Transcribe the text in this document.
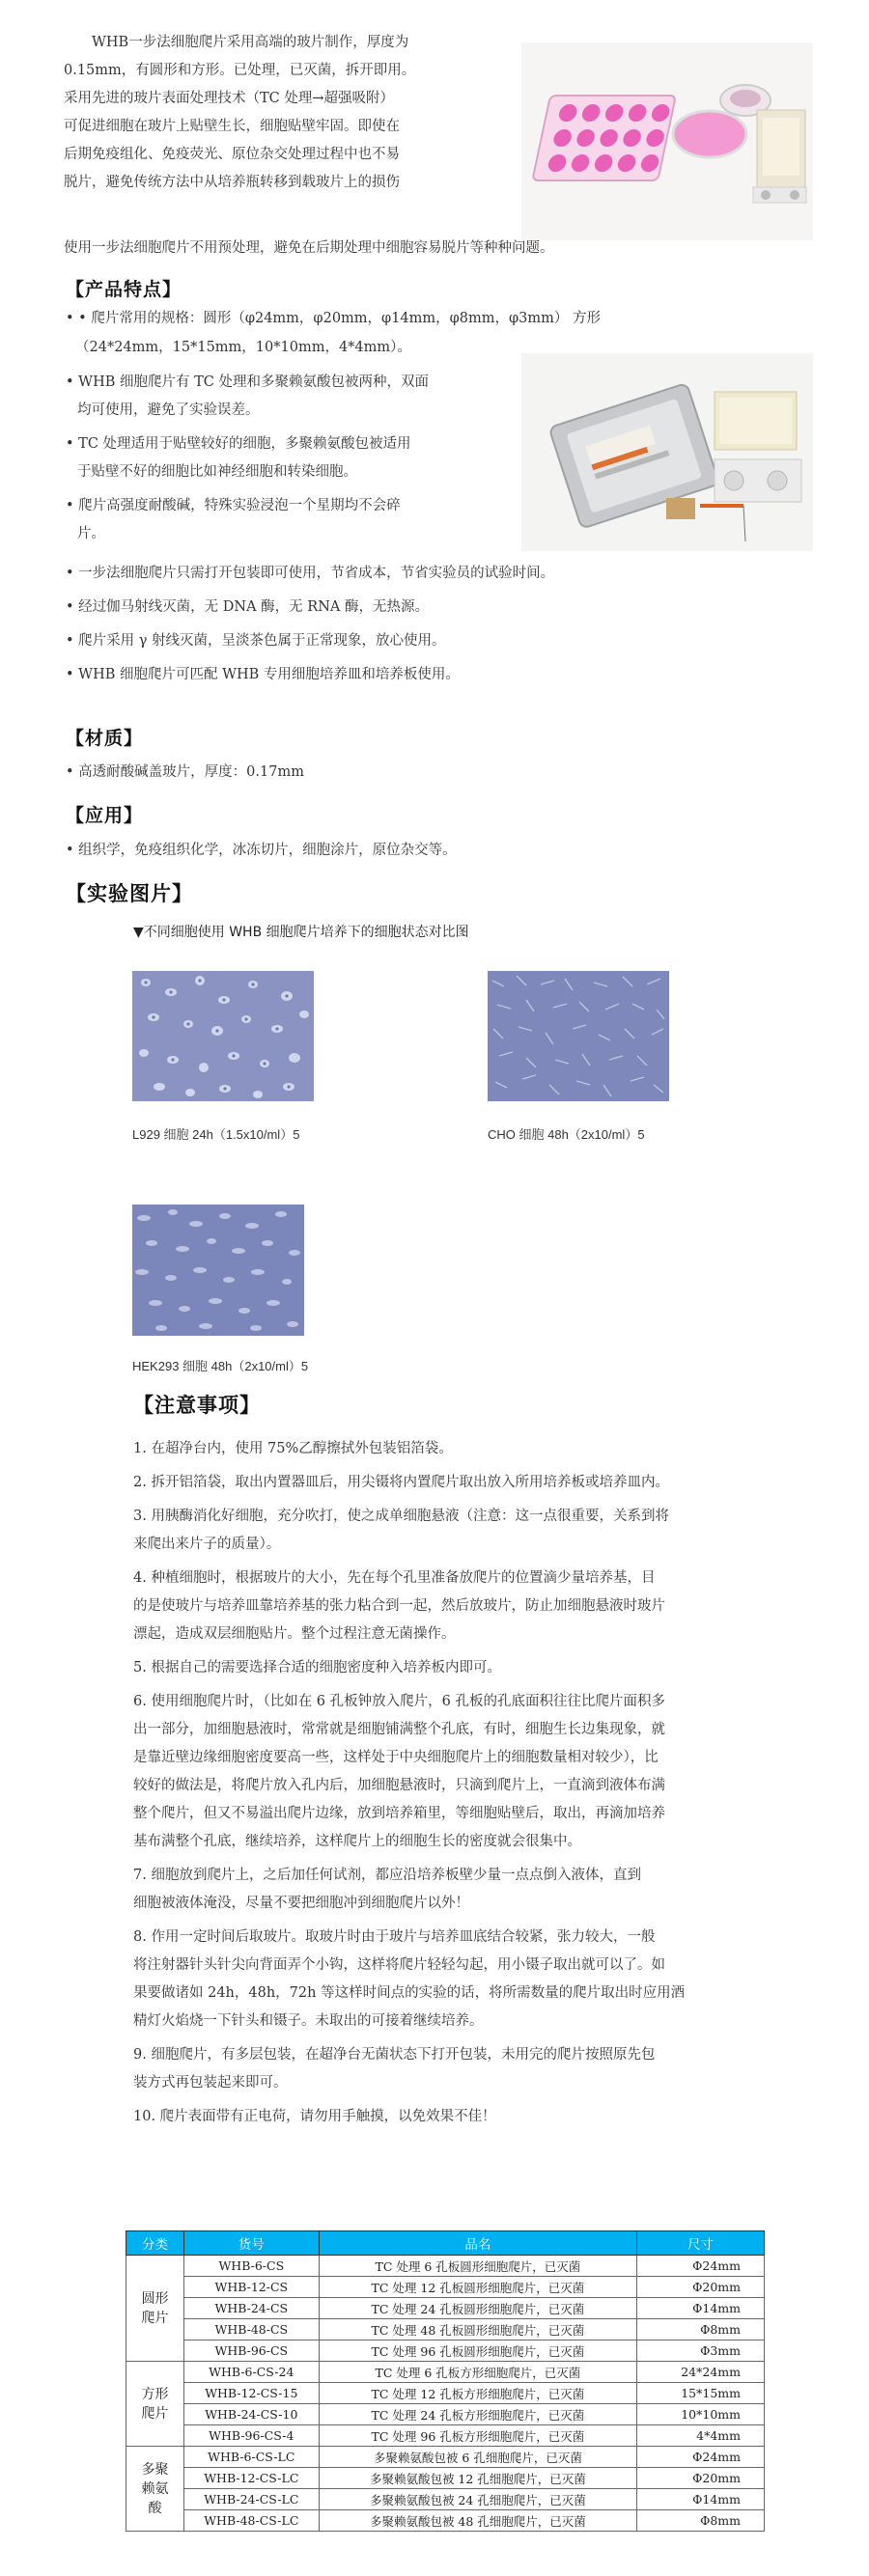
WHB一步法细胞爬片采用高端的玻片制作，厚度为
0.15mm，有圆形和方形。已处理，已灭菌，拆开即用。
采用先进的玻片表面处理技术（TC 处理→超强吸附）
可促进细胞在玻片上贴壁生长，细胞贴壁牢固。即使在
后期免疫组化、免疫荧光、原位杂交处理过程中也不易
脱片，避免传统方法中从培养瓶转移到载玻片上的损伤
使用一步法细胞爬片不用预处理，避免在后期处理中细胞容易脱片等种种问题。
【产品特点】
• • 爬片常用的规格：圆形（φ24mm，φ20mm，φ14mm，φ8mm，φ3mm） 方形
（24*24mm，15*15mm，10*10mm，4*4mm）。
• WHB 细胞爬片有 TC 处理和多聚赖氨酸包被两种，双面
均可使用，避免了实验误差。
• TC 处理适用于贴壁较好的细胞，多聚赖氨酸包被适用
于贴壁不好的细胞比如神经细胞和转染细胞。
• 爬片高强度耐酸碱，特殊实验浸泡一个星期均不会碎
片。
• 一步法细胞爬片只需打开包装即可使用，节省成本，节省实验员的试验时间。
• 经过伽马射线灭菌，无 DNA 酶，无 RNA 酶，无热源。
• 爬片采用 γ 射线灭菌，呈淡茶色属于正常现象，放心使用。
• WHB 细胞爬片可匹配 WHB 专用细胞培养皿和培养板使用。
【材质】
• 高透耐酸碱盖玻片，厚度：0.17mm
【应用】
• 组织学，免疫组织化学，冰冻切片，细胞涂片，原位杂交等。
【实验图片】
▼不同细胞使用 WHB 细胞爬片培养下的细胞状态对比图
L929 细胞 24h（1.5x10/ml）5	CHO 细胞 48h（2x10/ml）5
HEK293 细胞 48h（2x10/ml）5
【注意事项】
1. 在超净台内，使用 75%乙醇擦拭外包装铝箔袋。
2. 拆开铝箔袋，取出内置器皿后，用尖镊将内置爬片取出放入所用培养板或培养皿内。
3. 用胰酶消化好细胞，充分吹打，使之成单细胞悬液（注意：这一点很重要，关系到将
来爬出来片子的质量）。
4. 种植细胞时，根据玻片的大小，先在每个孔里准备放爬片的位置滴少量培养基，目
的是使玻片与培养皿靠培养基的张力粘合到一起，然后放玻片，防止加细胞悬液时玻片
漂起，造成双层细胞贴片。整个过程注意无菌操作。
5. 根据自己的需要选择合适的细胞密度种入培养板内即可。
6. 使用细胞爬片时，（比如在 6 孔板钟放入爬片，6 孔板的孔底面积往往比爬片面积多
出一部分，加细胞悬液时，常常就是细胞铺满整个孔底，有时，细胞生长边集现象，就
是靠近壁边缘细胞密度要高一些，这样处于中央细胞爬片上的细胞数量相对较少），比
较好的做法是，将爬片放入孔内后，加细胞悬液时，只滴到爬片上，一直滴到液体布满
整个爬片，但又不易溢出爬片边缘，放到培养箱里，等细胞贴壁后，取出，再滴加培养
基布满整个孔底，继续培养，这样爬片上的细胞生长的密度就会很集中。
7. 细胞放到爬片上，之后加任何试剂，都应沿培养板壁少量一点点倒入液体，直到
细胞被液体淹没，尽量不要把细胞冲到细胞爬片以外！
8. 作用一定时间后取玻片。取玻片时由于玻片与培养皿底结合较紧，张力较大，一般
将注射器针头针尖向背面弄个小钩，这样将爬片轻轻勾起，用小镊子取出就可以了。如
果要做诸如 24h，48h，72h 等这样时间点的实验的话，将所需数量的爬片取出时应用酒
精灯火焰烧一下针头和镊子。未取出的可接着继续培养。
9. 细胞爬片，有多层包装，在超净台无菌状态下打开包装，未用完的爬片按照原先包
装方式再包装起来即可。
10. 爬片表面带有正电荷，请勿用手触摸，以免效果不佳！
分类	货号	品名	尺寸

圆形
爬片	WHB-6-CS	TC 处理 6 孔板圆形细胞爬片，已灭菌	Φ24mm
	WHB-12-CS	TC 处理 12 孔板圆形细胞爬片，已灭菌	Φ20mm
	WHB-24-CS	TC 处理 24 孔板圆形细胞爬片，已灭菌	Φ14mm
	WHB-48-CS	TC 处理 48 孔板圆形细胞爬片，已灭菌	Φ8mm
	WHB-96-CS	TC 处理 96 孔板圆形细胞爬片，已灭菌	Φ3mm

方形
爬片	WHB-6-CS-24	TC 处理 6 孔板方形细胞爬片，已灭菌	24*24mm
	WHB-12-CS-15	TC 处理 12 孔板方形细胞爬片，已灭菌	15*15mm
	WHB-24-CS-10	TC 处理 24 孔板方形细胞爬片，已灭菌	10*10mm
	WHB-96-CS-4	TC 处理 96 孔板方形细胞爬片，已灭菌	4*4mm

多聚
赖氨
酸	WHB-6-CS-LC	多聚赖氨酸包被 6 孔细胞爬片，已灭菌	Φ24mm
	WHB-12-CS-LC	多聚赖氨酸包被 12 孔细胞爬片，已灭菌	Φ20mm
	WHB-24-CS-LC	多聚赖氨酸包被 24 孔细胞爬片，已灭菌	Φ14mm
	WHB-48-CS-LC	多聚赖氨酸包被 48 孔细胞爬片，已灭菌	Φ8mm
